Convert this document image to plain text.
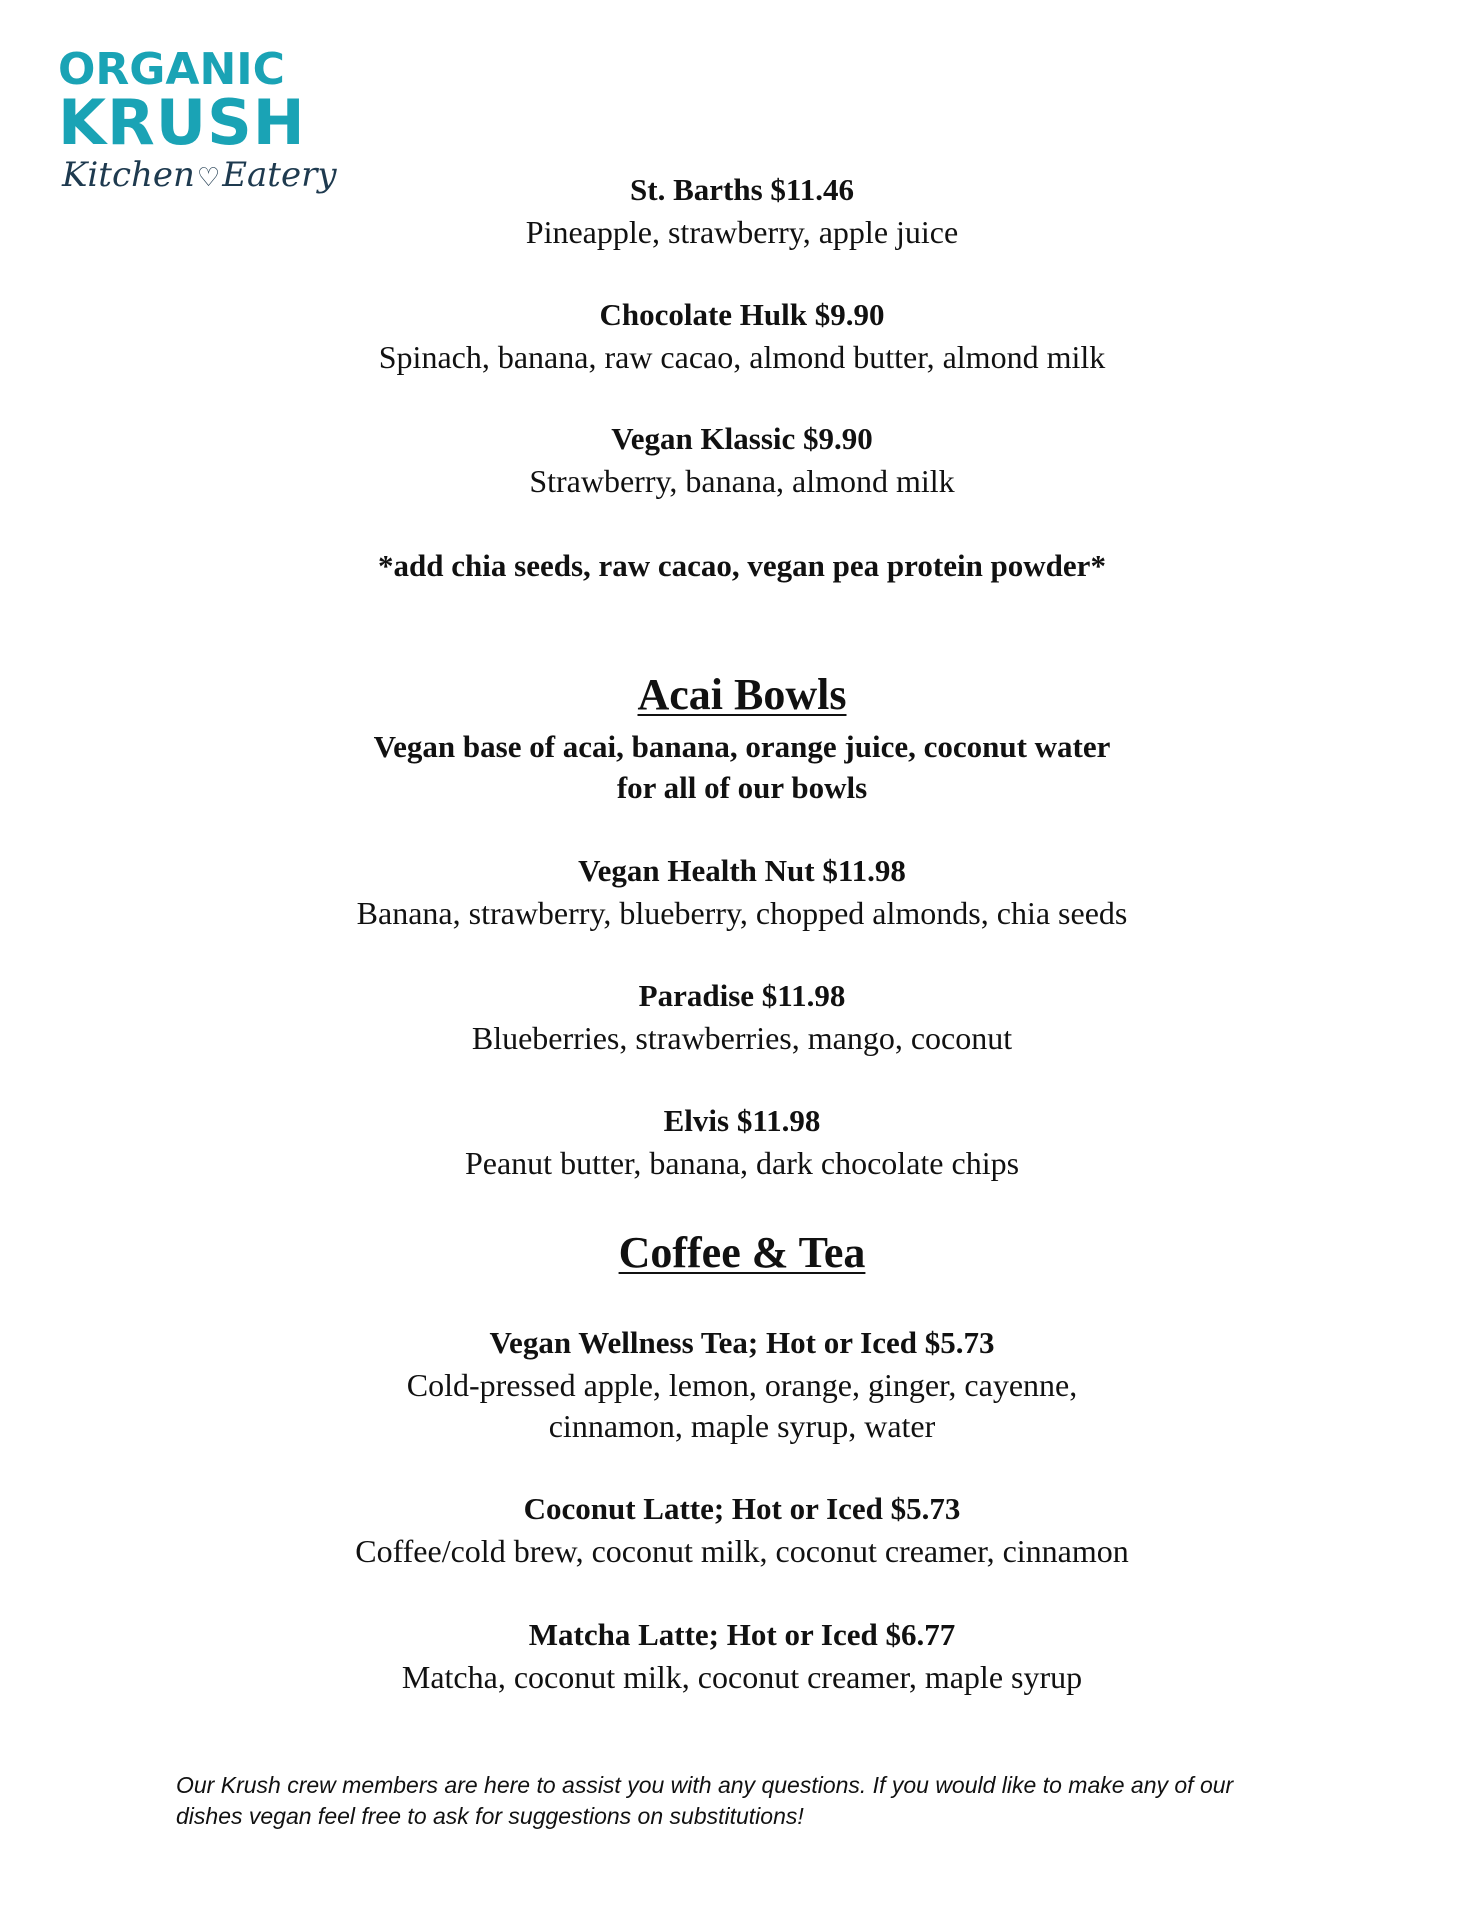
ORGANIC
KRUSH
Kitchen♡Eatery	St. Barths $11.46
Pineapple, strawberry, apple juice
Chocolate Hulk $9.90
Spinach, banana, raw cacao, almond butter, almond milk
Vegan Klassic $9.90
Strawberry, banana, almond milk
*add chia seeds, raw cacao, vegan pea protein powder*
Acai Bowls
Vegan base of acai, banana, orange juice, coconut water
for all of our bowls
Vegan Health Nut $11.98
Banana, strawberry, blueberry, chopped almonds, chia seeds
Paradise $11.98
Blueberries, strawberries, mango, coconut
Elvis $11.98
Peanut butter, banana, dark chocolate chips
Coffee & Tea
Vegan Wellness Tea; Hot or Iced $5.73
Cold-pressed apple, lemon, orange, ginger, cayenne,
cinnamon, maple syrup, water
Coconut Latte; Hot or Iced $5.73
Coffee/cold brew, coconut milk, coconut creamer, cinnamon
Matcha Latte; Hot or Iced $6.77
Matcha, coconut milk, coconut creamer, maple syrup
Our Krush crew members are here to assist you with any questions. If you would like to make any of our
dishes vegan feel free to ask for suggestions on substitutions!
